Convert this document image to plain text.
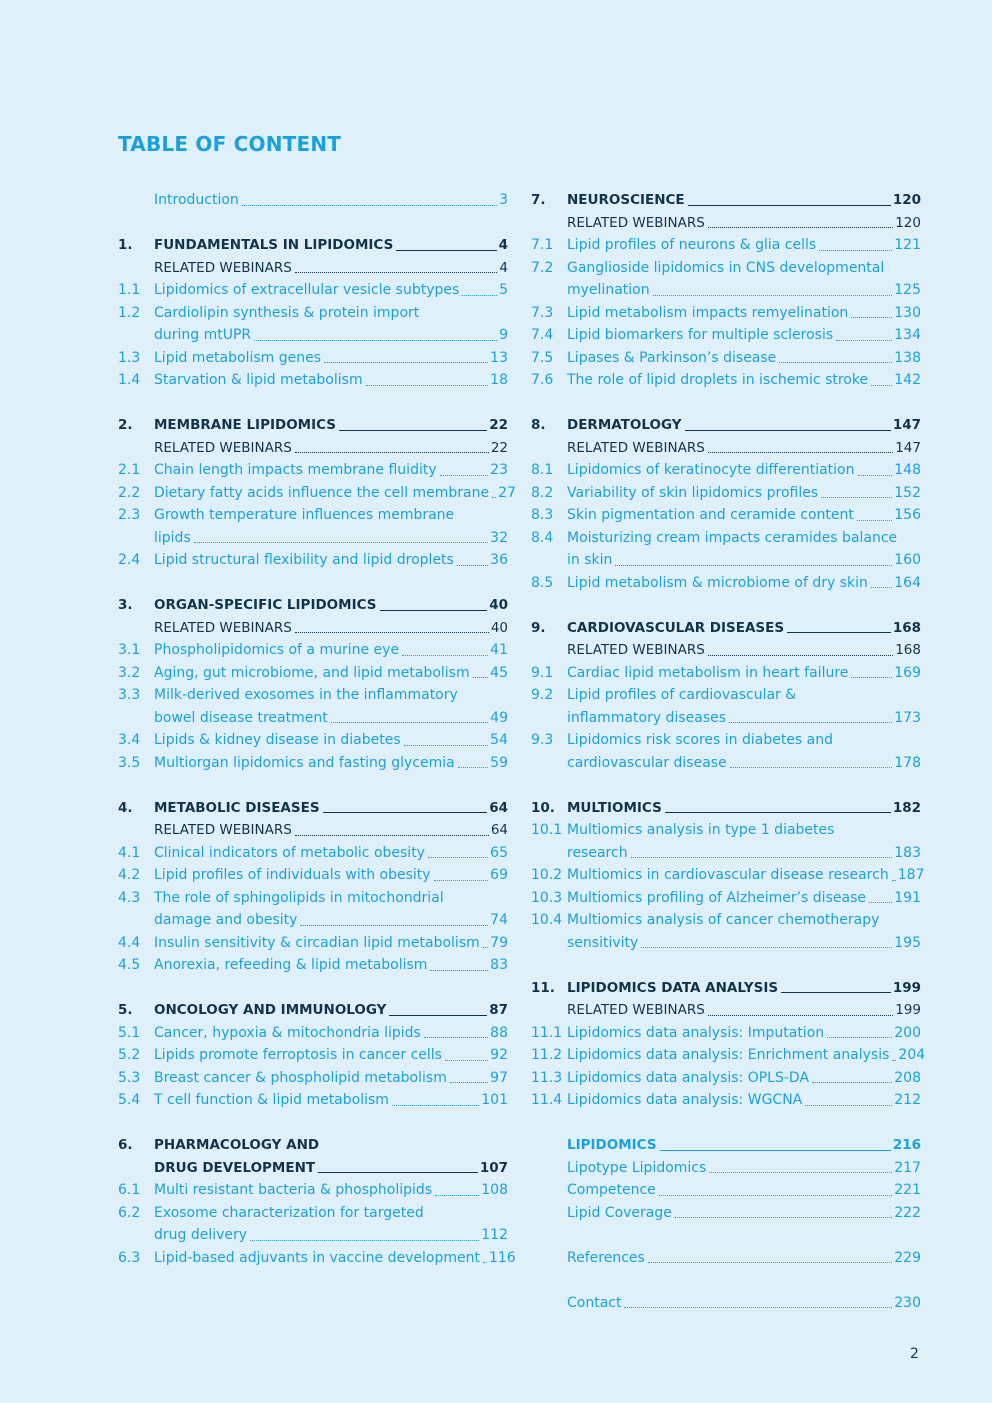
TABLE OF CONTENT
Introduction	3
1.	FUNDAMENTALS IN LIPIDOMICS	4
RELATED WEBINARS	4
1.1 Lipidomics of extracellular vesicle subtypes	5
1.2 Cardiolipin synthesis & protein import
during mtUPR	9
1.3 Lipid metabolism genes	13
1.4 Starvation & lipid metabolism	18
2.	MEMBRANE LIPIDOMICS	22
RELATED WEBINARS	22
2.1 Chain length impacts membrane fluidity	23
2.2 Dietary fatty acids influence the cell membrane 27
2.3 Growth temperature influences membrane
lipids	32
2.4 Lipid structural flexibility and lipid droplets	36
3.	ORGAN-SPECIFIC LIPIDOMICS	40
RELATED WEBINARS	40
3.1 Phospholipidomics of a murine eye	41
3.2 Aging, gut microbiome, and lipid metabolism 45
3.3 Milk-derived exosomes in the inflammatory
bowel disease treatment	49
3.4 Lipids & kidney disease in diabetes	54
3.5 Multiorgan lipidomics and fasting glycemia	59
4.	METABOLIC DISEASES	64
RELATED WEBINARS	64
4.1 Clinical indicators of metabolic obesity	65
4.2 Lipid profiles of individuals with obesity	69
4.3 The role of sphingolipids in mitochondrial
damage and obesity	74
4.4 Insulin sensitivity & circadian lipid metabolism 79
4.5 Anorexia, refeeding & lipid metabolism	83
5.	ONCOLOGY AND IMMUNOLOGY	87
5.1 Cancer, hypoxia & mitochondria lipids	88
5.2 Lipids promote ferroptosis in cancer cells	92
5.3 Breast cancer & phospholipid metabolism	97
5.4 T cell function & lipid metabolism	101
6.	PHARMACOLOGY AND
DRUG DEVELOPMENT	107
6.1 Multi resistant bacteria & phospholipids	108
6.2 Exosome characterization for targeted
drug delivery	112
6.3 Lipid-based adjuvants in vaccine development 116
7.	NEUROSCIENCE	120
RELATED WEBINARS	120
7.1 Lipid profiles of neurons & glia cells	121
7.2 Ganglioside lipidomics in CNS developmental
myelination	125
7.3 Lipid metabolism impacts remyelination	130
7.4 Lipid biomarkers for multiple sclerosis	134
7.5 Lipases & Parkinson’s disease	138
7.6 The role of lipid droplets in ischemic stroke 142
8.	DERMATOLOGY	147
RELATED WEBINARS	147
8.1 Lipidomics of keratinocyte differentiation	148
8.2 Variability of skin lipidomics profiles	152
8.3 Skin pigmentation and ceramide content	156
8.4 Moisturizing cream impacts ceramides balance
in skin	160
8.5 Lipid metabolism & microbiome of dry skin 164
9.	CARDIOVASCULAR DISEASES	168
RELATED WEBINARS	168
9.1 Cardiac lipid metabolism in heart failure	169
9.2 Lipid profiles of cardiovascular &
inflammatory diseases	173
9.3 Lipidomics risk scores in diabetes and
cardiovascular disease	178
10. MULTIOMICS	182
10.1 Multiomics analysis in type 1 diabetes
research	183
10.2 Multiomics in cardiovascular disease research 187
10.3 Multiomics profiling of Alzheimer’s disease 191
10.4 Multiomics analysis of cancer chemotherapy
sensitivity	195
11. LIPIDOMICS DATA ANALYSIS	199
RELATED WEBINARS	199
11.1 Lipidomics data analysis: Imputation	200
11.2 Lipidomics data analysis: Enrichment analysis 204
11.3 Lipidomics data analysis: OPLS-DA	208
11.4 Lipidomics data analysis: WGCNA	212
LIPIDOMICS	216
Lipotype Lipidomics	217
Competence	221
Lipid Coverage	222
References	229
Contact	230
2
